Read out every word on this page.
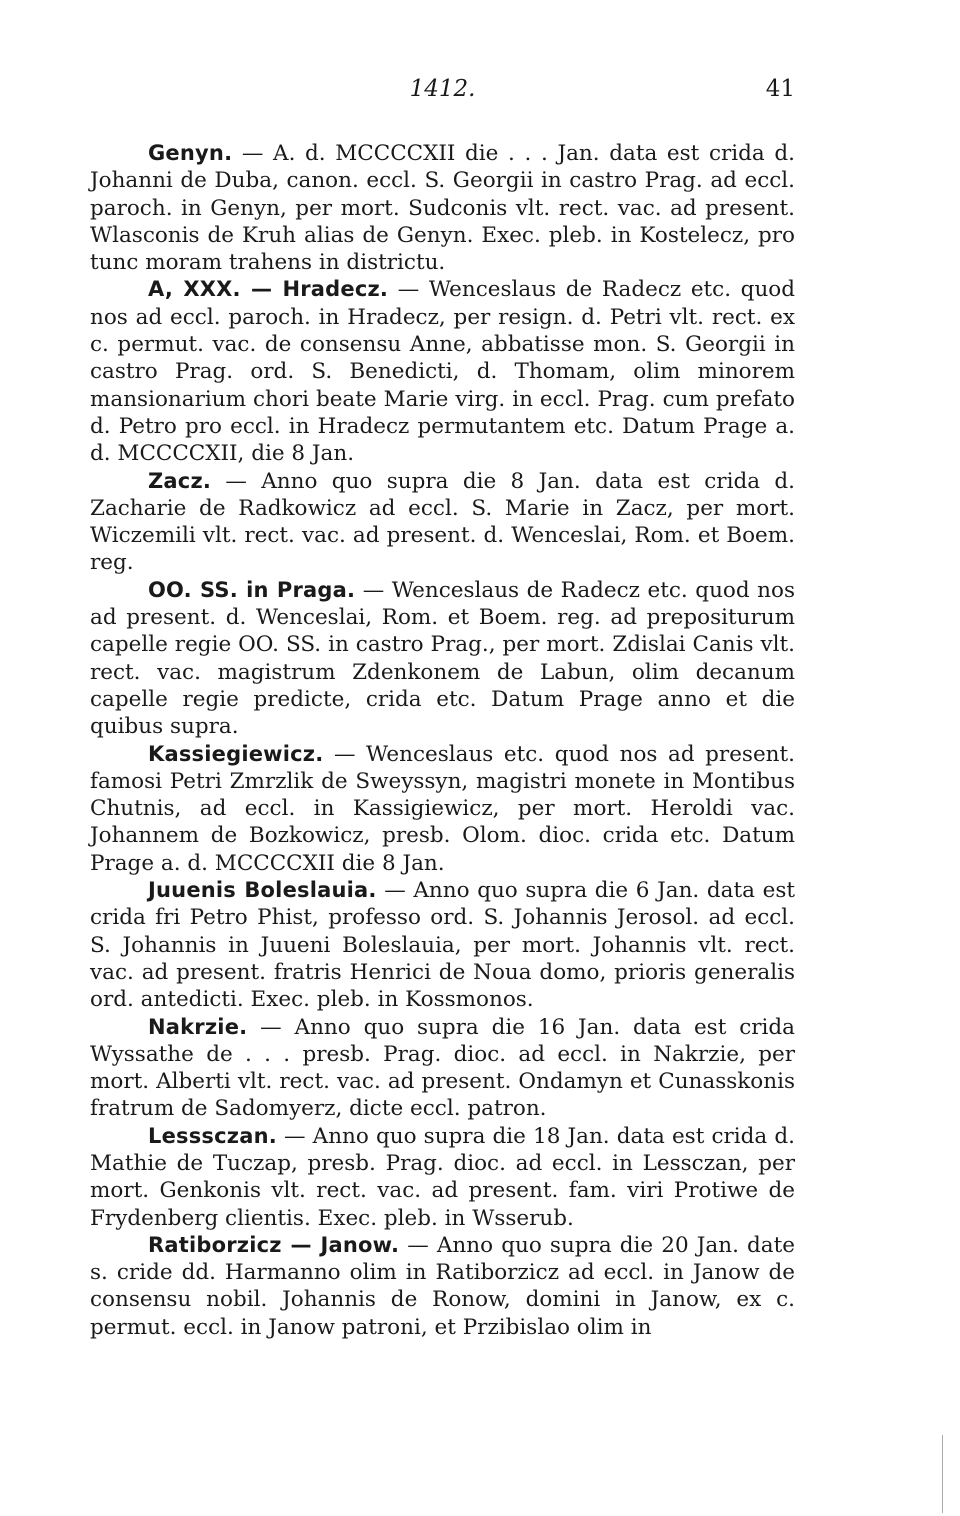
1412.	41

Genyn. — A. d. MCCCCXII die . . . Jan. data est crida d. Johanni de Duba, canon. eccl. S. Georgii in castro Prag. ad eccl. paroch. in Genyn, per mort. Sudconis vlt. rect. vac. ad present. Wlasconis de Kruh alias de Genyn. Exec. pleb. in Kostelecz, pro tunc moram trahens in districtu.

A, XXX. — Hradecz. — Wenceslaus de Radecz etc. quod nos ad eccl. paroch. in Hradecz, per resign. d. Petri vlt. rect. ex c. permut. vac. de consensu Anne, abbatisse mon. S. Georgii in castro Prag. ord. S. Benedicti, d. Thomam, olim minorem mansionarium chori beate Marie virg. in eccl. Prag. cum prefato d. Petro pro eccl. in Hradecz permutantem etc. Datum Prage a. d. MCCCCXII, die 8 Jan.

Zacz. — Anno quo supra die 8 Jan. data est crida d. Zacharie de Radkowicz ad eccl. S. Marie in Zacz, per mort. Wiczemili vlt. rect. vac. ad present. d. Wenceslai, Rom. et Boem. reg.

OO. SS. in Praga. — Wenceslaus de Radecz etc. quod nos ad present. d. Wenceslai, Rom. et Boem. reg. ad prepositurum capelle regie OO. SS. in castro Prag., per mort. Zdislai Canis vlt. rect. vac. magistrum Zdenkonem de Labun, olim decanum capelle regie predicte, crida etc. Datum Prage anno et die quibus supra.

Kassiegiewicz. — Wenceslaus etc. quod nos ad present. famosi Petri Zmrzlik de Sweyssyn, magistri monete in Montibus Chutnis, ad eccl. in Kassigiewicz, per mort. Heroldi vac. Johannem de Bozkowicz, presb. Olom. dioc. crida etc. Datum Prage a. d. MCCCCXII die 8 Jan.

Juuenis Boleslauia. — Anno quo supra die 6 Jan. data est crida fri Petro Phist, professo ord. S. Johannis Jerosol. ad eccl. S. Johannis in Juueni Boleslauia, per mort. Johannis vlt. rect. vac. ad present. fratris Henrici de Noua domo, prioris generalis ord. antedicti. Exec. pleb. in Kossmonos.

Nakrzie. — Anno quo supra die 16 Jan. data est crida Wyssathe de . . . presb. Prag. dioc. ad eccl. in Nakrzie, per mort. Alberti vlt. rect. vac. ad present. Ondamyn et Cunasskonis fratrum de Sadomyerz, dicte eccl. patron.

Lesssczan. — Anno quo supra die 18 Jan. data est crida d. Mathie de Tuczap, presb. Prag. dioc. ad eccl. in Lessczan, per mort. Genkonis vlt. rect. vac. ad present. fam. viri Protiwe de Frydenberg clientis. Exec. pleb. in Wsserub.

Ratiborzicz — Janow. — Anno quo supra die 20 Jan. date s. cride dd. Harmanno olim in Ratiborzicz ad eccl. in Janow de consensu nobil. Johannis de Ronow, domini in Janow, ex c. permut. eccl. in Janow patroni, et Przibislao olim in
